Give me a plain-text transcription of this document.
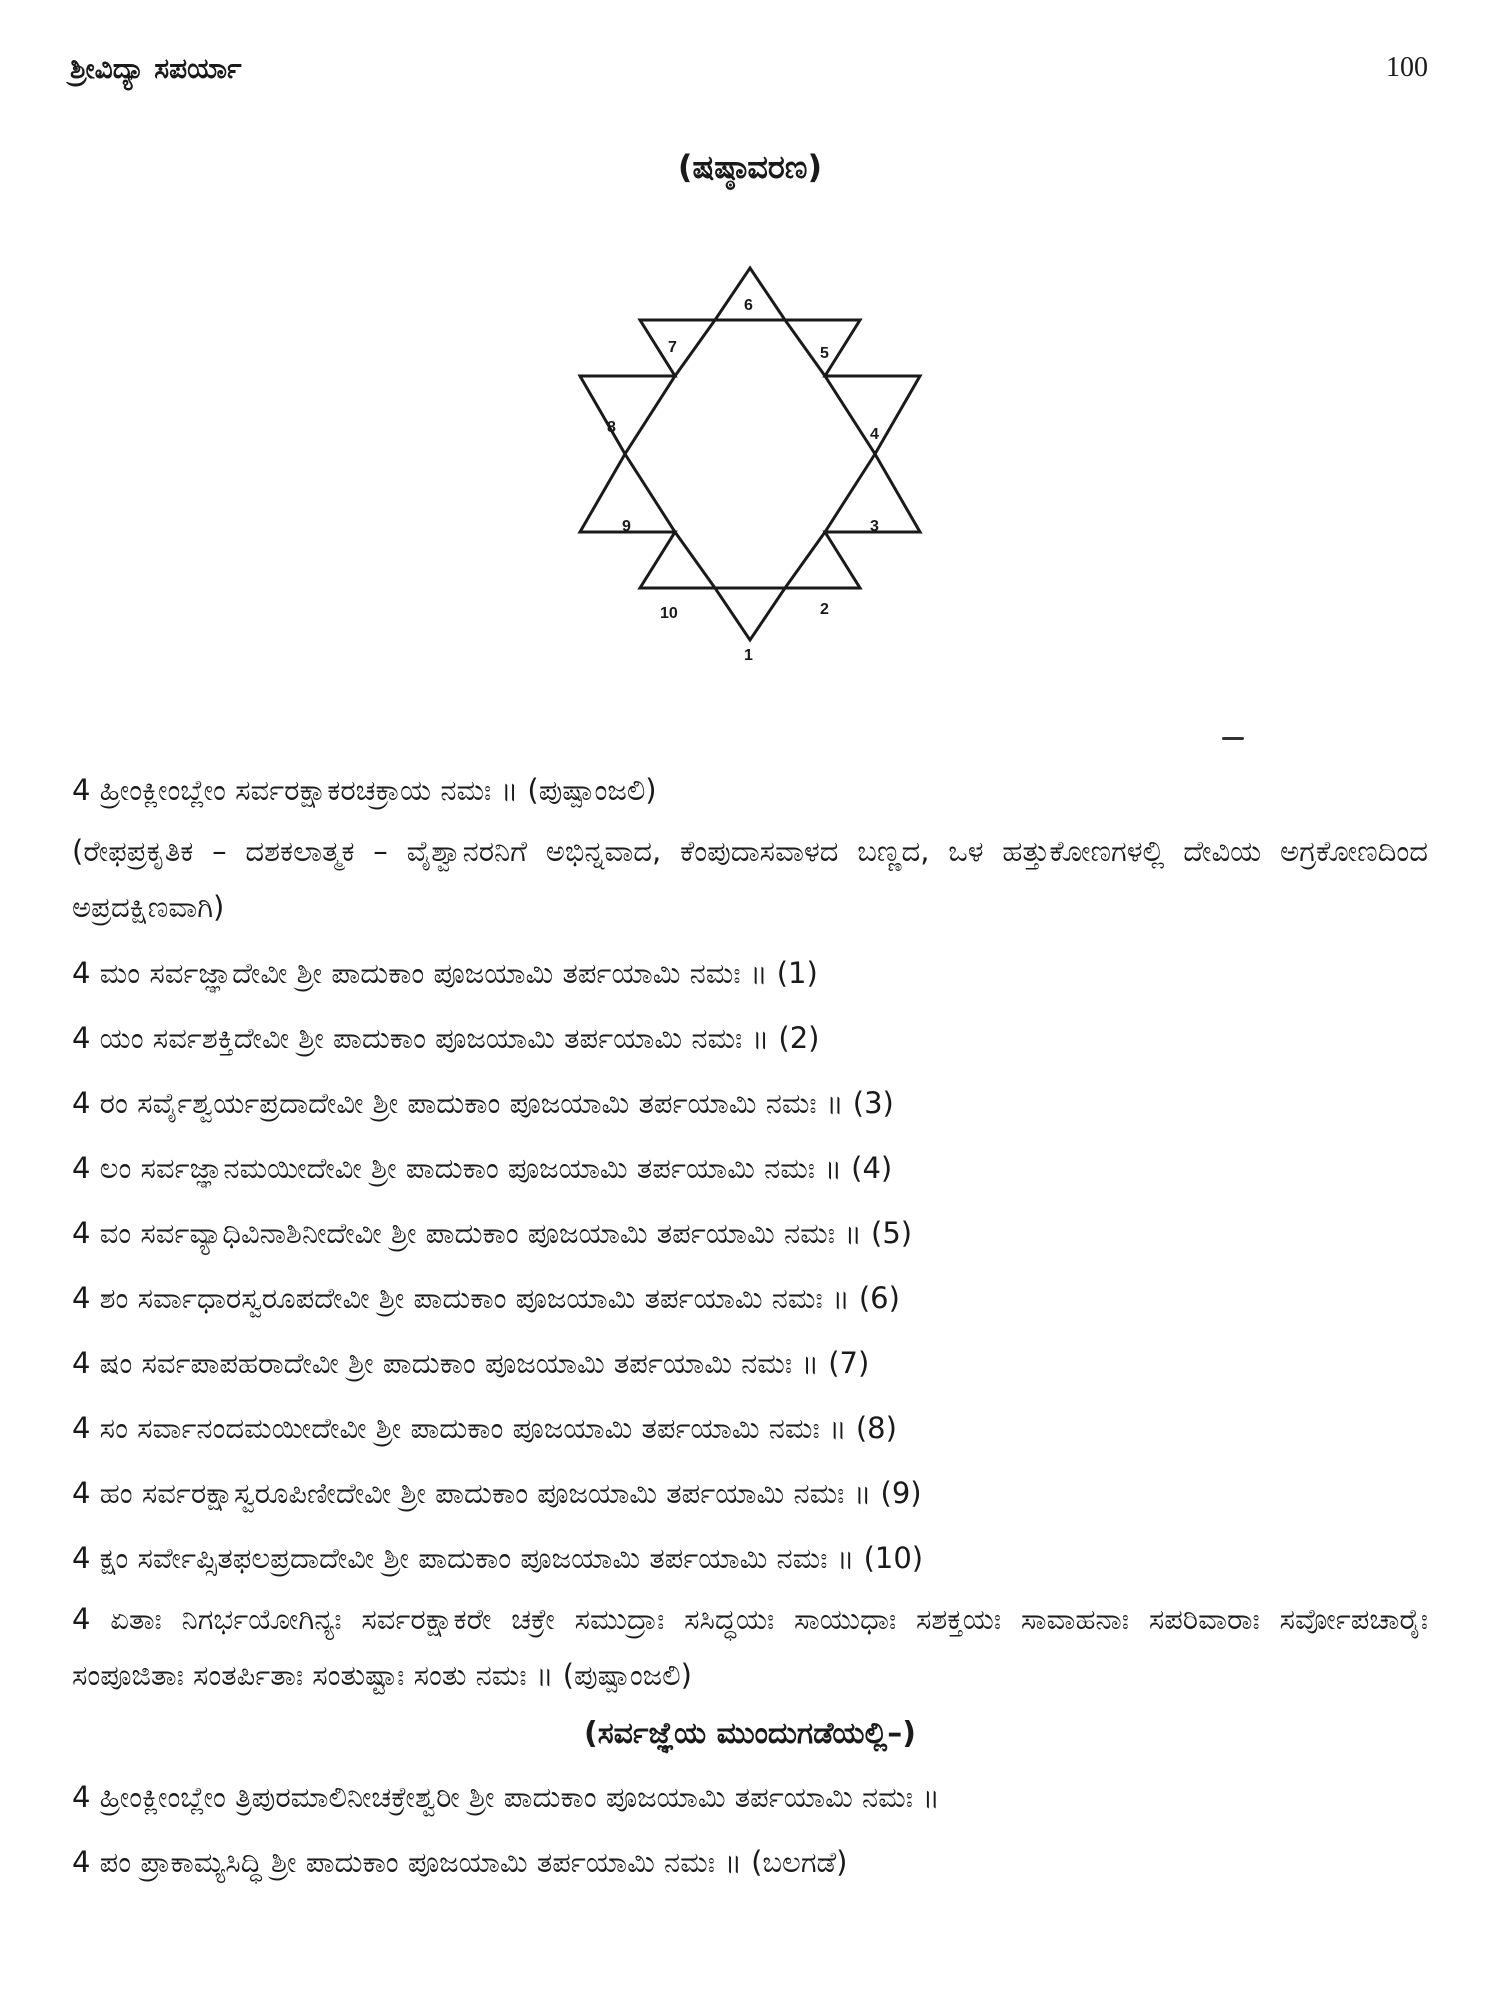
ಶ್ರೀವಿದ್ಯಾ ಸಪರ್ಯಾ	100
(ಷಷ್ಠಾವರಣ)
1
2
3
4
5
6
7
8
9
10
4 ಹ್ರೀಂಕ್ಲೀಂಬ್ಲೇಂ ಸರ್ವರಕ್ಷಾಕರಚಕ್ರಾಯ ನಮಃ ॥ (ಪುಷ್ಪಾಂಜಲಿ)

(ರೇಫಪ್ರಕೃತಿಕ – ದಶಕಲಾತ್ಮಕ – ವೈಶ್ವಾನರನಿಗೆ ಅಭಿನ್ನವಾದ, ಕೆಂಪುದಾಸವಾಳದ ಬಣ್ಣದ, ಒಳ ಹತ್ತುಕೋಣಗಳಲ್ಲಿ ದೇವಿಯ ಅಗ್ರಕೋಣದಿಂದ ಅಪ್ರದಕ್ಷಿಣವಾಗಿ)

4 ಮಂ ಸರ್ವಜ್ಞಾದೇವೀ ಶ್ರೀ ಪಾದುಕಾಂ ಪೂಜಯಾಮಿ ತರ್ಪಯಾಮಿ ನಮಃ ॥ (1)
4 ಯಂ ಸರ್ವಶಕ್ತಿದೇವೀ ಶ್ರೀ ಪಾದುಕಾಂ ಪೂಜಯಾಮಿ ತರ್ಪಯಾಮಿ ನಮಃ ॥ (2)
4 ರಂ ಸರ್ವೈಶ್ವರ್ಯಪ್ರದಾದೇವೀ ಶ್ರೀ ಪಾದುಕಾಂ ಪೂಜಯಾಮಿ ತರ್ಪಯಾಮಿ ನಮಃ ॥ (3)
4 ಲಂ ಸರ್ವಜ್ಞಾನಮಯೀದೇವೀ ಶ್ರೀ ಪಾದುಕಾಂ ಪೂಜಯಾಮಿ ತರ್ಪಯಾಮಿ ನಮಃ ॥ (4)
4 ವಂ ಸರ್ವವ್ಯಾಧಿವಿನಾಶಿನೀದೇವೀ ಶ್ರೀ ಪಾದುಕಾಂ ಪೂಜಯಾಮಿ ತರ್ಪಯಾಮಿ ನಮಃ ॥ (5)
4 ಶಂ ಸರ್ವಾಧಾರಸ್ವರೂಪದೇವೀ ಶ್ರೀ ಪಾದುಕಾಂ ಪೂಜಯಾಮಿ ತರ್ಪಯಾಮಿ ನಮಃ ॥ (6)
4 ಷಂ ಸರ್ವಪಾಪಹರಾದೇವೀ ಶ್ರೀ ಪಾದುಕಾಂ ಪೂಜಯಾಮಿ ತರ್ಪಯಾಮಿ ನಮಃ ॥ (7)
4 ಸಂ ಸರ್ವಾನಂದಮಯೀದೇವೀ ಶ್ರೀ ಪಾದುಕಾಂ ಪೂಜಯಾಮಿ ತರ್ಪಯಾಮಿ ನಮಃ ॥ (8)
4 ಹಂ ಸರ್ವರಕ್ಷಾಸ್ವರೂಪಿಣೀದೇವೀ ಶ್ರೀ ಪಾದುಕಾಂ ಪೂಜಯಾಮಿ ತರ್ಪಯಾಮಿ ನಮಃ ॥ (9)
4 ಕ್ಷಂ ಸರ್ವೇಪ್ಸಿತಫಲಪ್ರದಾದೇವೀ ಶ್ರೀ ಪಾದುಕಾಂ ಪೂಜಯಾಮಿ ತರ್ಪಯಾಮಿ ನಮಃ ॥ (10)

4 ಏತಾಃ ನಿಗರ್ಭಯೋಗಿನ್ಯಃ ಸರ್ವರಕ್ಷಾಕರೇ ಚಕ್ರೇ ಸಮುದ್ರಾಃ ಸಸಿದ್ಧಯಃ ಸಾಯುಧಾಃ ಸಶಕ್ತಯಃ ಸಾವಾಹನಾಃ ಸಪರಿವಾರಾಃ ಸರ್ವೋಪಚಾರೈಃ ಸಂಪೂಜಿತಾಃ ಸಂತರ್ಪಿತಾಃ ಸಂತುಷ್ಟಾಃ ಸಂತು ನಮಃ ॥ (ಪುಷ್ಪಾಂಜಲಿ)

(ಸರ್ವಜ್ಞೆಯ ಮುಂದುಗಡೆಯಲ್ಲಿ–)
4 ಹ್ರೀಂಕ್ಲೀಂಬ್ಲೇಂ ತ್ರಿಪುರಮಾಲಿನೀಚಕ್ರೇಶ್ವರೀ ಶ್ರೀ ಪಾದುಕಾಂ ಪೂಜಯಾಮಿ ತರ್ಪಯಾಮಿ ನಮಃ ॥
4 ಪಂ ಪ್ರಾಕಾಮ್ಯಸಿದ್ಧಿ ಶ್ರೀ ಪಾದುಕಾಂ ಪೂಜಯಾಮಿ ತರ್ಪಯಾಮಿ ನಮಃ ॥ (ಬಲಗಡೆ)
